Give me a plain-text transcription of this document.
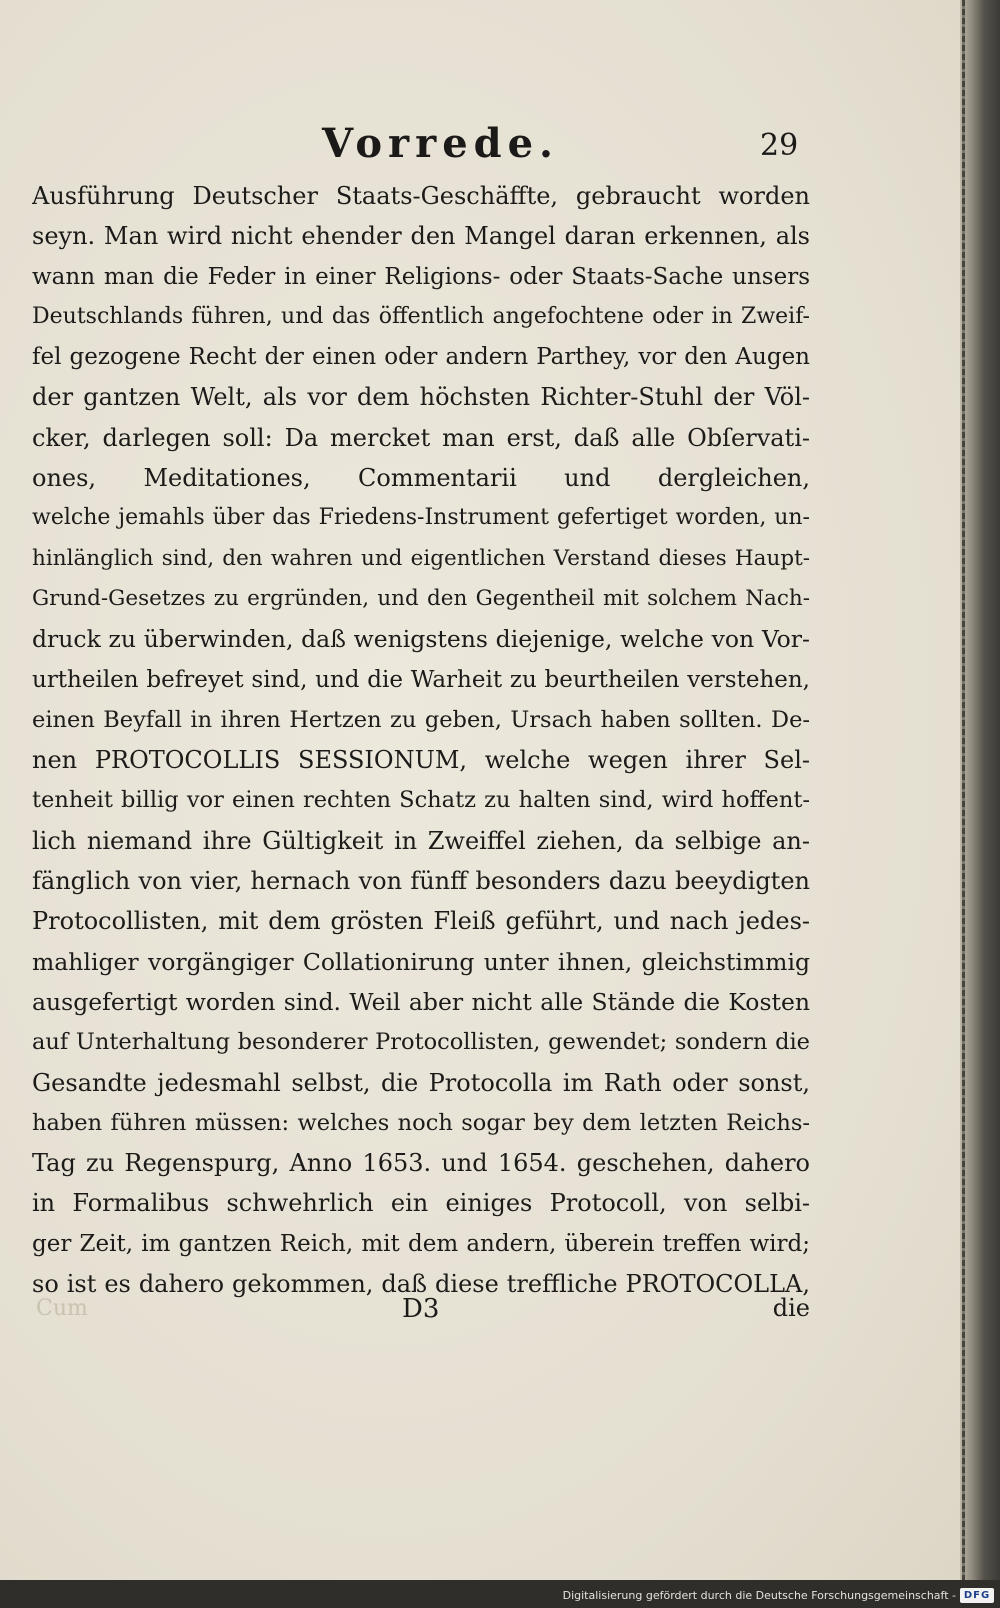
Vorrede.	29
Ausführung Deutscher Staats-Geschäffte, gebraucht worden
seyn. Man wird nicht ehender den Mangel daran erkennen, als
wann man die Feder in einer Religions- oder Staats-Sache unsers
Deutschlands führen, und das öffentlich angefochtene oder in Zweif-
fel gezogene Recht der einen oder andern Parthey, vor den Augen
der gantzen Welt, als vor dem höchsten Richter-Stuhl der Völ-
cker, darlegen soll: Da mercket man erst, daß alle Obſervati-
ones, Meditationes, Commentarii und dergleichen,
welche jemahls über das Friedens-Instrument gefertiget worden, un-
hinlänglich sind, den wahren und eigentlichen Verstand dieses Haupt-
Grund-Gesetzes zu ergründen, und den Gegentheil mit solchem Nach-
druck zu überwinden, daß wenigstens diejenige, welche von Vor-
urtheilen befreyet sind, und die Warheit zu beurtheilen verstehen,
einen Beyfall in ihren Hertzen zu geben, Ursach haben sollten. De-
nen PROTOCOLLIS SESSIONUM, welche wegen ihrer Sel-
tenheit billig vor einen rechten Schatz zu halten sind, wird hoffent-
lich niemand ihre Gültigkeit in Zweiffel ziehen, da selbige an-
fänglich von vier, hernach von fünff besonders dazu beeydigten
Protocollisten, mit dem grösten Fleiß geführt, und nach jedes-
mahliger vorgängiger Collationirung unter ihnen, gleichstimmig
ausgefertigt worden sind. Weil aber nicht alle Stände die Kosten
auf Unterhaltung besonderer Protocollisten, gewendet; sondern die
Gesandte jedesmahl selbst, die Protocolla im Rath oder sonst,
haben führen müssen: welches noch sogar bey dem letzten Reichs-
Tag zu Regenspurg, Anno 1653. und 1654. geschehen, dahero
in Formalibus schwehrlich ein einiges Protocoll, von selbi-
ger Zeit, im gantzen Reich, mit dem andern, überein treffen wird;
so ist es dahero gekommen, daß diese treffliche PROTOCOLLA,
Cum	D3	die
Digitalisierung gefördert durch die Deutsche Forschungsgemeinschaft - DFG
